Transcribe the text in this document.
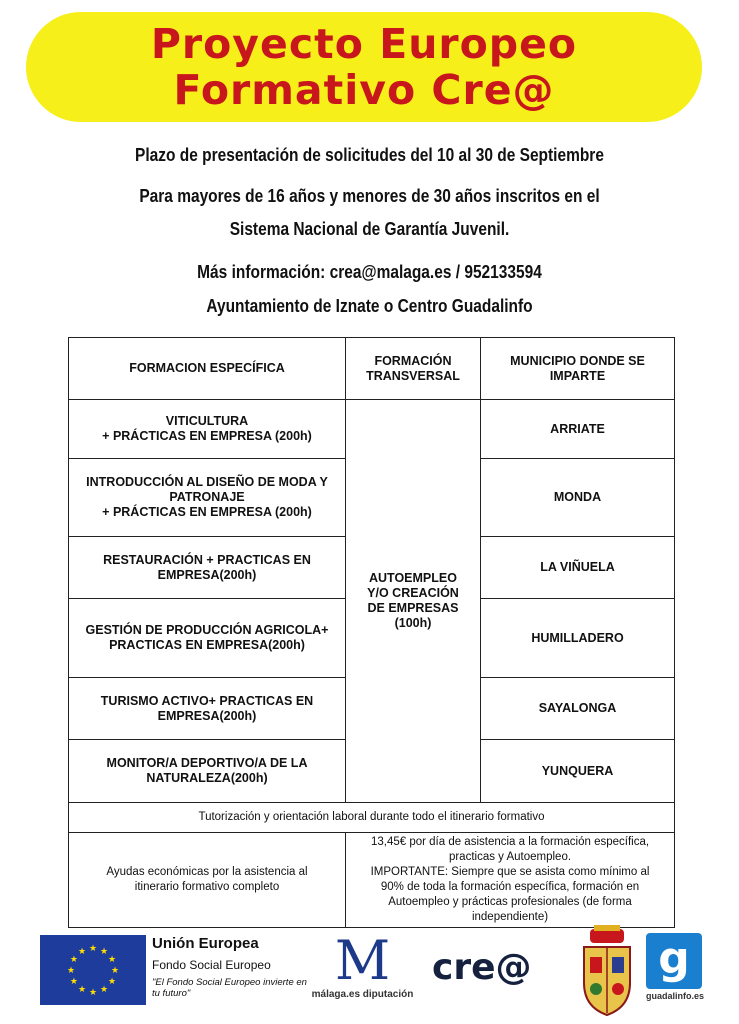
Proyecto Europeo
Formativo Cre@
Plazo de presentación de solicitudes del 10 al 30 de Septiembre
Para mayores de 16 años y menores de 30 años inscritos en el
Sistema Nacional de Garantía Juvenil.
Más información: crea@malaga.es / 952133594
Ayuntamiento de Iznate o Centro Guadalinfo
FORMACION ESPECÍFICA	FORMACIÓN TRANSVERSAL	MUNICIPIO DONDE SE IMPARTE
VITICULTURA
+ PRÁCTICAS EN EMPRESA (200h)	AUTOEMPLEO Y/O CREACIÓN DE EMPRESAS (100h)	ARRIATE
INTRODUCCIÓN AL DISEÑO DE MODA Y PATRONAJE
+ PRÁCTICAS EN EMPRESA (200h)		MONDA
RESTAURACIÓN + PRACTICAS EN EMPRESA(200h)		LA VIÑUELA
GESTIÓN DE PRODUCCIÓN AGRICOLA+ PRACTICAS EN EMPRESA(200h)		HUMILLADERO
TURISMO ACTIVO+ PRACTICAS EN EMPRESA(200h)		SAYALONGA
MONITOR/A DEPORTIVO/A DE LA NATURALEZA(200h)		YUNQUERA
Tutorización y orientación laboral durante todo el itinerario formativo		
Ayudas económicas por la asistencia al itinerario formativo completo	13,45€ por día de asistencia a la formación específica, practicas y Autoempleo.
IMPORTANTE: Siempre que se asista como mínimo al 90% de toda la formación específica, formación en Autoempleo y prácticas profesionales (de forma independiente)	
★
★
★
★
★
★
★
★
★ ★ ★
★
Unión Europea
Fondo Social Europeo
"El Fondo Social Europeo invierte en tu futuro"
M
málaga.es diputación
cre@	g
guadalinfo.es
